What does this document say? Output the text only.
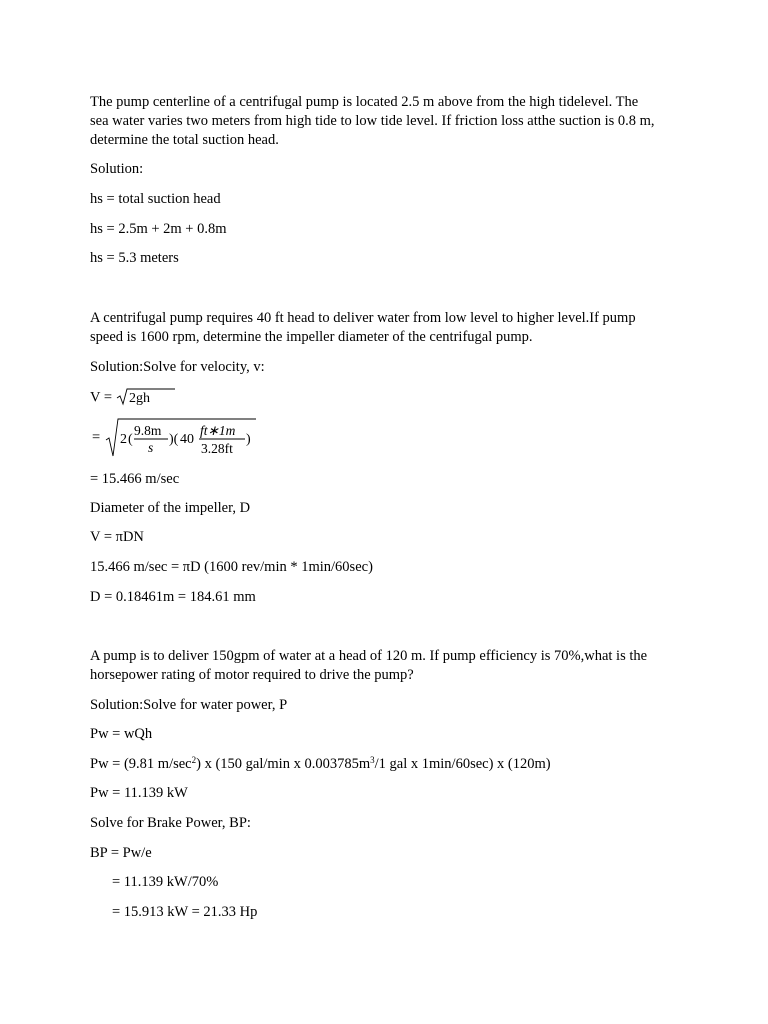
The pump centerline of a centrifugal pump is located 2.5 m above from the high tidelevel. The
sea water varies two meters from high tide to low tide level. If friction loss atthe suction is 0.8 m,
determine the total suction head.
Solution:
hs = total suction head
hs = 2.5m + 2m + 0.8m
hs = 5.3 meters
A centrifugal pump requires 40 ft head to deliver water from low level to higher level.If pump
speed is 1600 rpm, determine the impeller diameter of the centrifugal pump.
Solution:Solve for velocity, v:
V = 2gh
= 2 (
9.8m
s
)( 40
ft∗1m
3.28ft
)
= 15.466 m/sec
Diameter of the impeller, D
V = πDN
15.466 m/sec = πD (1600 rev/min * 1min/60sec)
D = 0.18461m = 184.61 mm
A pump is to deliver 150gpm of water at a head of 120 m. If pump efficiency is 70%,what is the
horsepower rating of motor required to drive the pump?
Solution:Solve for water power, P
Pw = wQh
Pw = (9.81 $m/\sec^2$) x (150 gal/min x $0.003785m^3/1$ gal x 1min/60sec) x (120m)
Pw = 11.139 kW
Solve for Brake Power, BP:
BP = Pw/e
= 11.139 kW/70%
= 15.913 kW = 21.33 Hp
